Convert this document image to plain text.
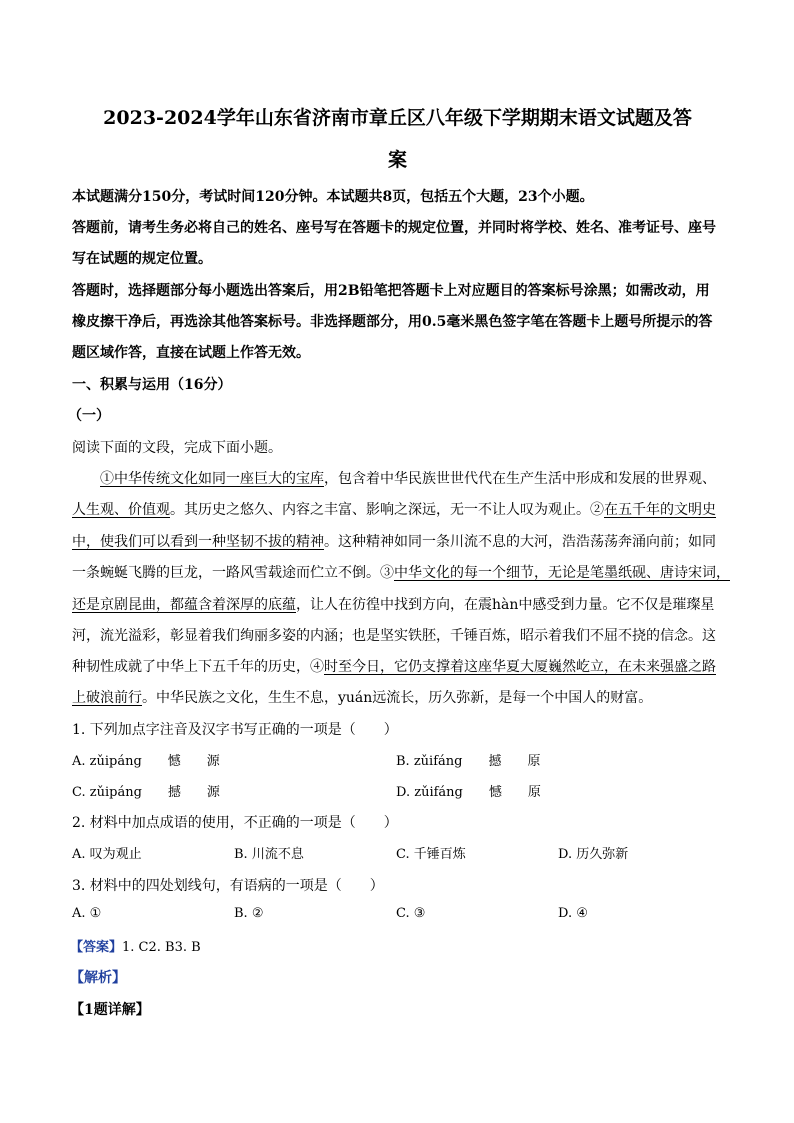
2023-2024学年山东省济南市章丘区八年级下学期期末语文试题及答
案
本试题满分150分，考试时间120分钟。本试题共8页，包括五个大题，23个小题。
答题前，请考生务必将自己的姓名、座号写在答题卡的规定位置，并同时将学校、姓名、准考证号、座号
写在试题的规定位置。
答题时，选择题部分每小题选出答案后，用2B铅笔把答题卡上对应题目的答案标号涂黑；如需改动，用
橡皮擦干净后，再选涂其他答案标号。非选择题部分，用0.5毫米黑色签字笔在答题卡上题号所提示的答
题区域作答，直接在试题上作答无效。
一、积累与运用（16分）
（一）
阅读下面的文段，完成下面小题。
①中华传统文化如同一座巨大的宝库，包含着中华民族世世代代在生产生活中形成和发展的世界观、
人生观、价值观。其历史之悠久、内容之丰富、影响之深远，无一不让人叹为观止。②在五千年的文明史
中，使我们可以看到一种坚韧不拔的精神。这种精神如同一条川流不息的大河，浩浩荡荡奔涌向前；如同
一条蜿蜒飞腾的巨龙，一路风雪载途而伫立不倒。③中华文化的每一个细节，无论是笔墨纸砚、唐诗宋词，
还是京剧昆曲，都蕴含着深厚的底蕴，让人在彷徨中找到方向，在震hàn中感受到力量。它不仅是璀璨星
河，流光溢彩，彰显着我们绚丽多姿的内涵；也是坚实铁胚，千锤百炼，昭示着我们不屈不挠的信念。这
种韧性成就了中华上下五千年的历史，④时至今日，它仍支撑着这座华夏大厦巍然屹立，在未来强盛之路
上破浪前行。中华民族之文化，生生不息，yuán远流长，历久弥新，是每一个中国人的财富。
1. 下列加点字注音及汉字书写正确的一项是（　　）
A. zǔipáng　　憾　　源	B. zǔifáng　　撼　　原
C. zǔipáng　　撼　　源	D. zǔifáng　　憾　　原
2. 材料中加点成语的使用，不正确的一项是（　　）
A. 叹为观止	B. 川流不息	C. 千锤百炼	D. 历久弥新
3. 材料中的四处划线句，有语病的一项是（　　）
A. ①	B. ②	C. ③	D. ④
【答案】1. C2. B3. B
【解析】
【1题详解】
